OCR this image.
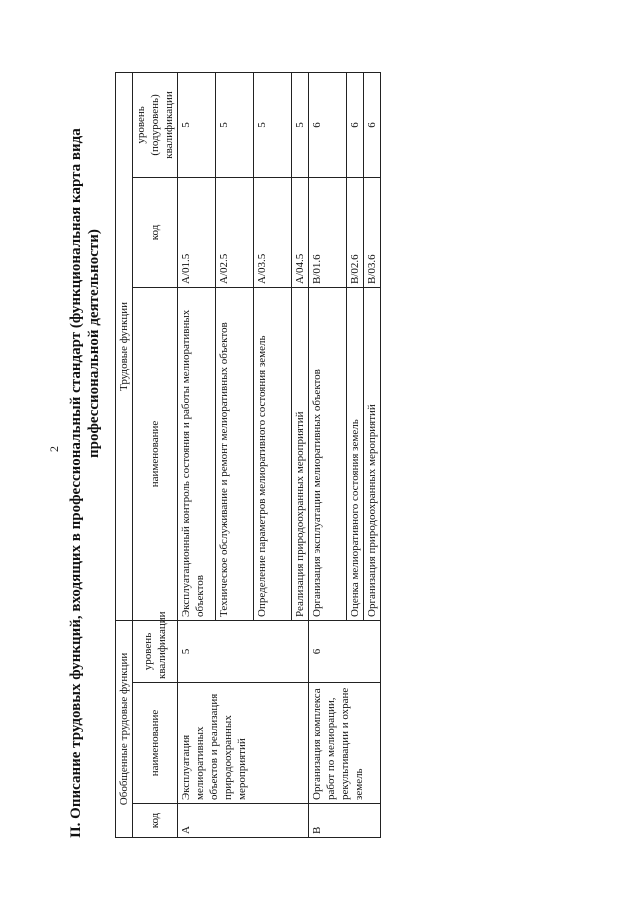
2 II. Описание трудовых функций, входящих в профессиональный стандарт (функциональная карта вида профессиональной деятельности)
Обобщенные трудовые функции			Трудовые функции		
код	наименование	уровень квалификации	наименование	код	уровень (подуровень) квалификации
А	Эксплуатация мелиоративных объектов и реализация природоохранных мероприятий	5	Эксплуатационный контроль состояния и работы мелиоративных объектов	А/01.5	5
			Техническое обслуживание и ремонт мелиоративных объектов	А/02.5	5
			Определение параметров мелиоративного состояния земель	А/03.5	5
			Реализация природоохранных мероприятий	А/04.5	5
В	Организация комплекса работ по мелиорации, рекультивации и охране земель	6	Организация эксплуатации мелиоративных объектов	В/01.6	6
			Оценка мелиоративного состояния земель	В/02.6	6
			Организация природоохранных мероприятий	В/03.6	6
